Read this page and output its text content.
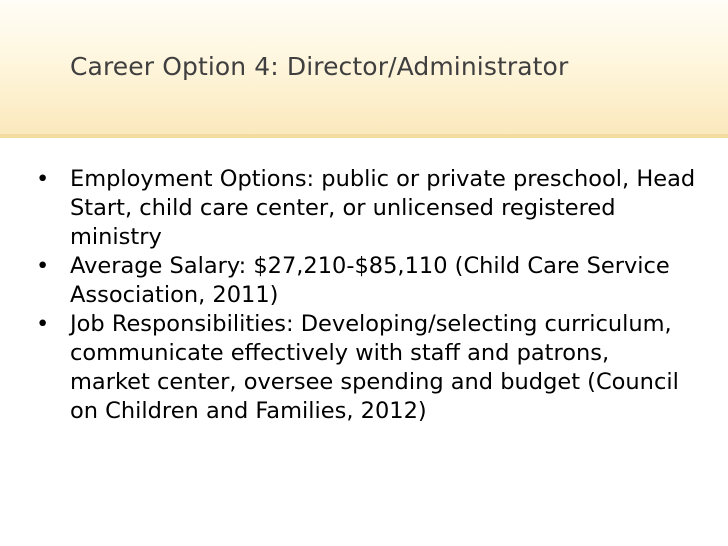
Career Option 4: Director/Administrator
• Employment Options: public or private preschool, Head Start, child care center, or unlicensed registered ministry
• Average Salary: $27,210-$85,110 (Child Care Service Association, 2011)
• Job Responsibilities: Developing/selecting curriculum, communicate effectively with staff and patrons, market center, oversee spending and budget (Council on Children and Families, 2012)
